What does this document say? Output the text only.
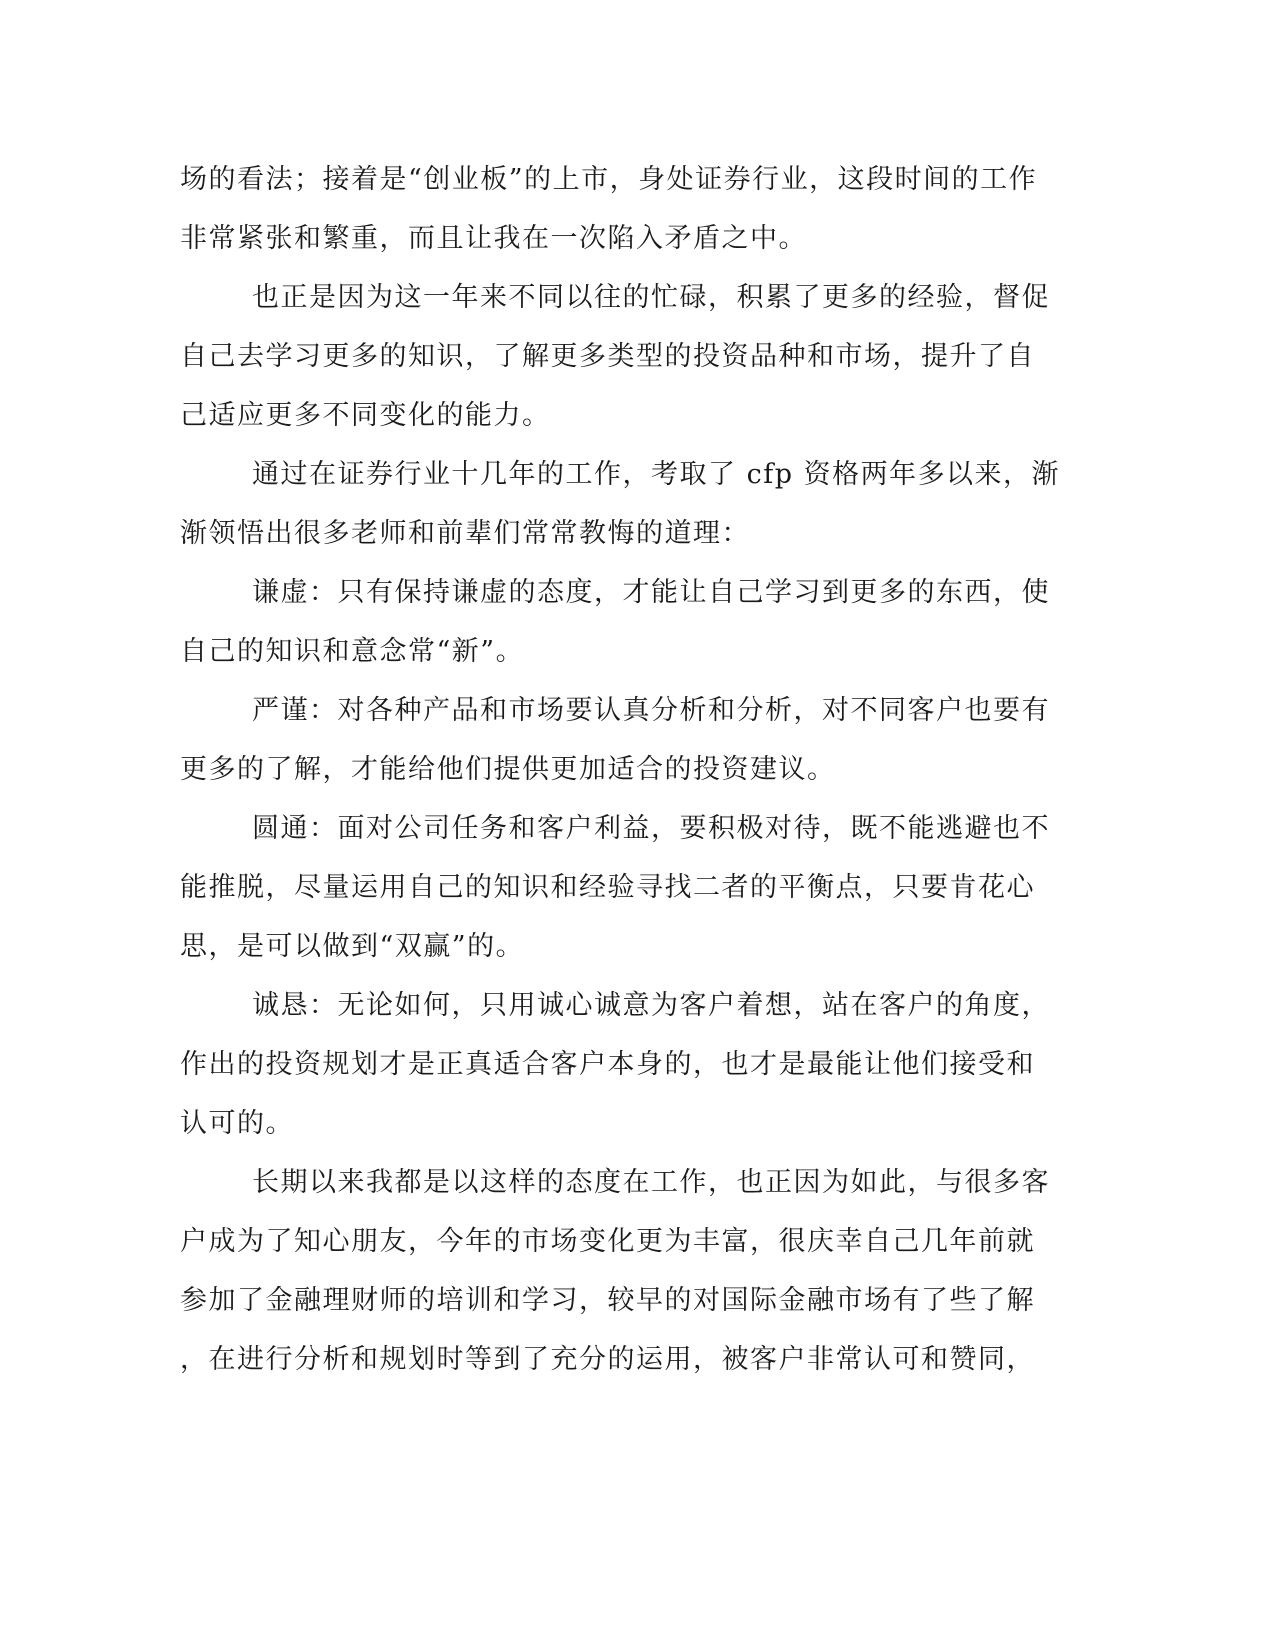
场的看法；接着是“创业板”的上市，身处证券行业，这段时间的工作
非常紧张和繁重，而且让我在一次陷入矛盾之中。
也正是因为这一年来不同以往的忙碌，积累了更多的经验，督促
自己去学习更多的知识，了解更多类型的投资品种和市场，提升了自
己适应更多不同变化的能力。
通过在证券行业十几年的工作，考取了 cfp 资格两年多以来，渐
渐领悟出很多老师和前辈们常常教悔的道理：
谦虚：只有保持谦虚的态度，才能让自己学习到更多的东西，使
自己的知识和意念常“新”。
严谨：对各种产品和市场要认真分析和分析，对不同客户也要有
更多的了解，才能给他们提供更加适合的投资建议。
圆通：面对公司任务和客户利益，要积极对待，既不能逃避也不
能推脱，尽量运用自己的知识和经验寻找二者的平衡点，只要肯花心
思，是可以做到“双赢”的。
诚恳：无论如何，只用诚心诚意为客户着想，站在客户的角度，
作出的投资规划才是正真适合客户本身的，也才是最能让他们接受和
认可的。
长期以来我都是以这样的态度在工作，也正因为如此，与很多客
户成为了知心朋友，今年的市场变化更为丰富，很庆幸自己几年前就
参加了金融理财师的培训和学习，较早的对国际金融市场有了些了解
，在进行分析和规划时等到了充分的运用，被客户非常认可和赞同，
